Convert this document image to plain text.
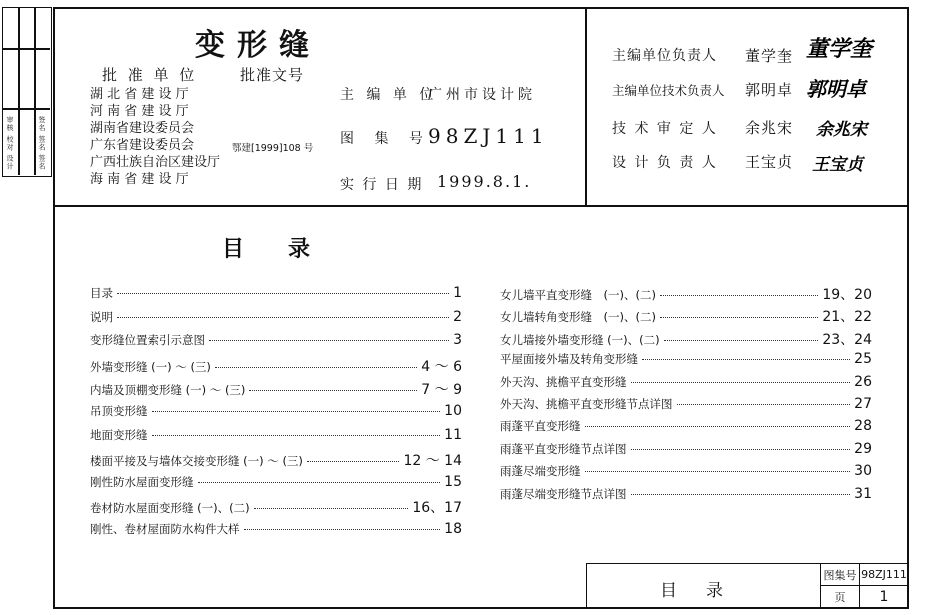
审核 校对 设计	签名 签名 签名
变形缝
批 准 单 位	批准文号
湖 北 省 建 设 厅
河 南 省 建 设 厅
湖南省建设委员会
广东省建设委员会
广西壮族自治区建设厅
海 南 省 建 设 厅
鄂建[1999]108 号
主 编 单 位
广州市设计院
图 集 号
98ZJ111
实 行 日 期 1999.8.1.
主编单位负责人 董学奎 董学奎
主编单位技术负责人 郭明卓 郭明卓
技 术 审 定 人 余兆宋 余兆宋
设 计 负 责 人 王宝贞 王宝贞
目　　录
目录	1
说明	2
变形缝位置索引示意图	3
外墙变形缝 (一) ～ (三)	4 ～ 6
内墙及顶棚变形缝 (一) ～ (三)	7 ～ 9
吊顶变形缝	10
地面变形缝	11
楼面平接及与墙体交接变形缝 (一) ～ (三)	12 ～ 14
刚性防水屋面变形缝	15
卷材防水屋面变形缝 (一)、(二)	16、17
刚性、卷材屋面防水构件大样	18
女儿墙平直变形缝　(一)、(二)	19、20
女儿墙转角变形缝　(一)、(二)	21、22
女儿墙接外墙变形缝 (一)、(二)	23、24
平屋面接外墙及转角变形缝	25
外天沟、挑檐平直变形缝	26
外天沟、挑檐平直变形缝节点详图	27
雨蓬平直变形缝	28
雨蓬平直变形缝节点详图	29
雨蓬尽端变形缝	30
雨蓬尽端变形缝节点详图	31
目　录
图集号 98ZJ111
页 1
